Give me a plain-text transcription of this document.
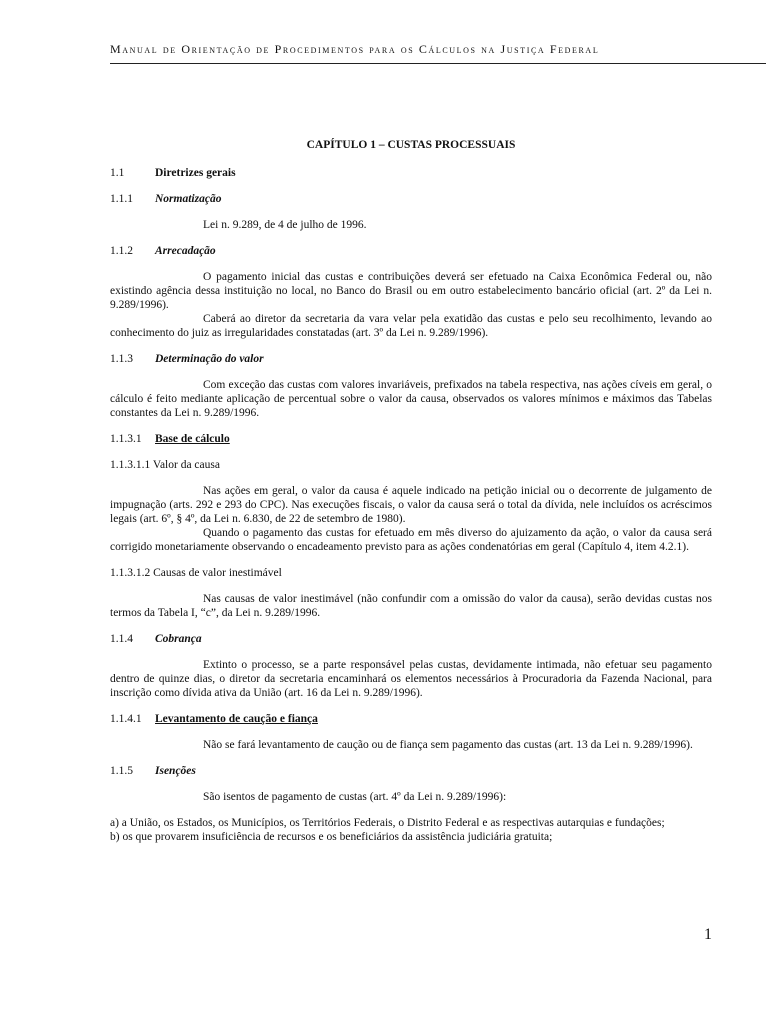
Manual de Orientação de Procedimentos para os Cálculos na Justiça Federal
CAPÍTULO 1 – CUSTAS PROCESSUAIS
1.1	Diretrizes gerais
1.1.1	Normatização

Lei n. 9.289, de 4 de julho de 1996.

1.1.2	Arrecadação

O pagamento inicial das custas e contribuições deverá ser efetuado na Caixa Econômica Federal ou, não existindo agência dessa instituição no local, no Banco do Brasil ou em outro estabelecimento bancário oficial (art. 2º da Lei n. 9.289/1996).

Caberá ao diretor da secretaria da vara velar pela exatidão das custas e pelo seu recolhimento, levando ao conhecimento do juiz as irregularidades constatadas (art. 3º da Lei n. 9.289/1996).

1.1.3	Determinação do valor

Com exceção das custas com valores invariáveis, prefixados na tabela respectiva, nas ações cíveis em geral, o cálculo é feito mediante aplicação de percentual sobre o valor da causa, observados os valores mínimos e máximos das Tabelas constantes da Lei n. 9.289/1996.

1.1.3.1	Base de cálculo
1.1.3.1.1 Valor da causa

Nas ações em geral, o valor da causa é aquele indicado na petição inicial ou o decorrente de julgamento de impugnação (arts. 292 e 293 do CPC). Nas execuções fiscais, o valor da causa será o total da dívida, nele incluídos os acréscimos legais (art. 6º, § 4º, da Lei n. 6.830, de 22 de setembro de 1980).

Quando o pagamento das custas for efetuado em mês diverso do ajuizamento da ação, o valor da causa será corrigido monetariamente observando o encadeamento previsto para as ações condenatórias em geral (Capítulo 4, item 4.2.1).

1.1.3.1.2 Causas de valor inestimável

Nas causas de valor inestimável (não confundir com a omissão do valor da causa), serão devidas custas nos termos da Tabela I, “c”, da Lei n. 9.289/1996.

1.1.4	Cobrança

Extinto o processo, se a parte responsável pelas custas, devidamente intimada, não efetuar seu pagamento dentro de quinze dias, o diretor da secretaria encaminhará os elementos necessários à Procuradoria da Fazenda Nacional, para inscrição como dívida ativa da União (art. 16 da Lei n. 9.289/1996).

1.1.4.1	Levantamento de caução e fiança

Não se fará levantamento de caução ou de fiança sem pagamento das custas (art. 13 da Lei n. 9.289/1996).

1.1.5	Isenções

São isentos de pagamento de custas (art. 4º da Lei n. 9.289/1996):

a) a União, os Estados, os Municípios, os Territórios Federais, o Distrito Federal e as respectivas autarquias e fundações;

b) os que provarem insuficiência de recursos e os beneficiários da assistência judiciária gratuita;

1
